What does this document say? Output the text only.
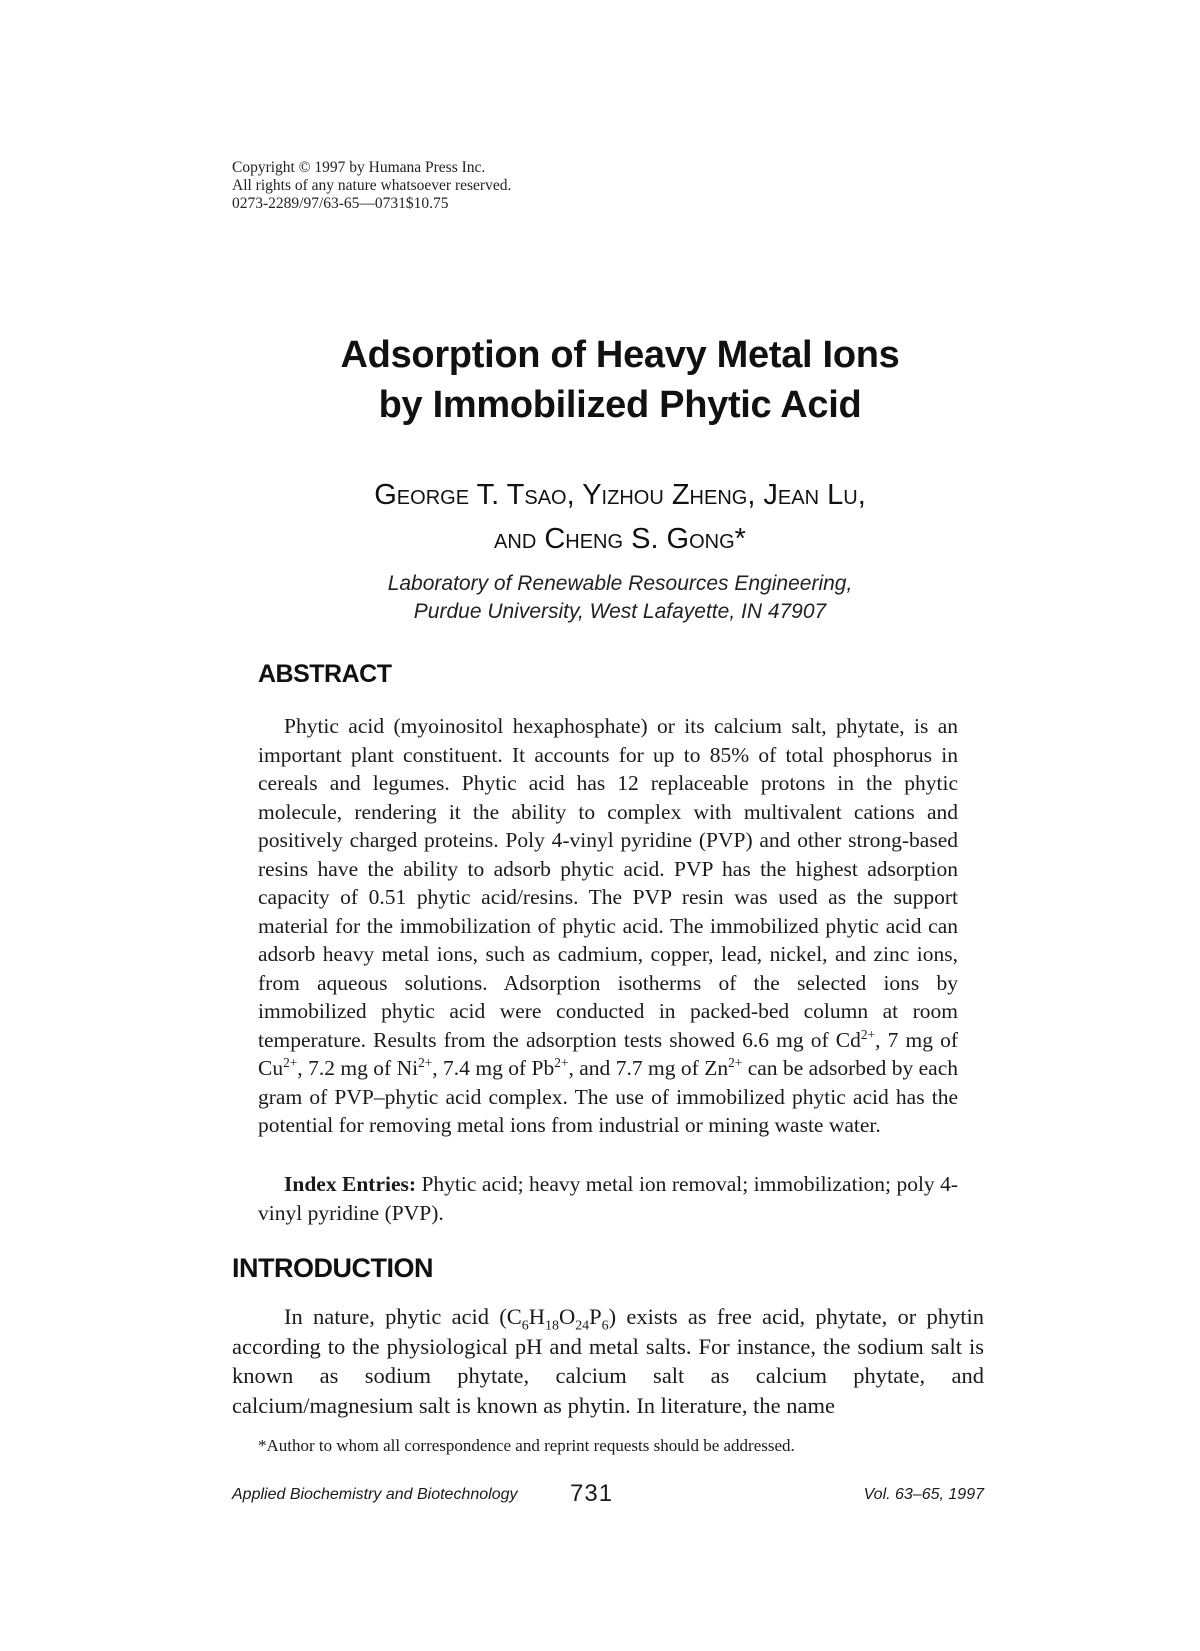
Copyright © 1997 by Humana Press Inc.
All rights of any nature whatsoever reserved.
0273-2289/97/63-65—0731$10.75
Adsorption of Heavy Metal Ions
by Immobilized Phytic Acid
George T. Tsao, Yizhou Zheng, Jean Lu,
and Cheng S. Gong*
Laboratory of Renewable Resources Engineering,
Purdue University, West Lafayette, IN 47907
ABSTRACT

Phytic acid (myoinositol hexaphosphate) or its calcium salt, phytate, is an important plant constituent. It accounts for up to 85% of total phosphorus in cereals and legumes. Phytic acid has 12 replaceable protons in the phytic molecule, rendering it the ability to complex with multivalent cations and positively charged proteins. Poly 4-vinyl pyridine (PVP) and other strong-based resins have the ability to adsorb phytic acid. PVP has the highest adsorption capacity of 0.51 phytic acid/resins. The PVP resin was used as the support material for the immobilization of phytic acid. The immobilized phytic acid can adsorb heavy metal ions, such as cadmium, copper, lead, nickel, and zinc ions, from aqueous solutions. Adsorption isotherms of the selected ions by immobilized phytic acid were conducted in packed-bed column at room temperature. Results from the adsorption tests showed 6.6 mg of $Cd^{2+}$, 7 mg of $Cu^{2+}$, 7.2 mg of $Ni^{2+}$, 7.4 mg of $Pb^{2+}$, and 7.7 mg of $Zn^{2+}$ can be adsorbed by each gram of PVP–phytic acid complex. The use of immobilized phytic acid has the potential for removing metal ions from industrial or mining waste water.

Index Entries: Phytic acid; heavy metal ion removal; immobilization; poly 4-vinyl pyridine (PVP).

INTRODUCTION

In nature, phytic acid $(C_6H_{18}O_{24}P_6)$ exists as free acid, phytate, or phytin according to the physiological pH and metal salts. For instance, the sodium salt is known as sodium phytate, calcium salt as calcium phytate, and calcium/magnesium salt is known as phytin. In literature, the name

*Author to whom all correspondence and reprint requests should be addressed.
Applied Biochemistry and Biotechnology 731	Vol. 63–65, 1997
